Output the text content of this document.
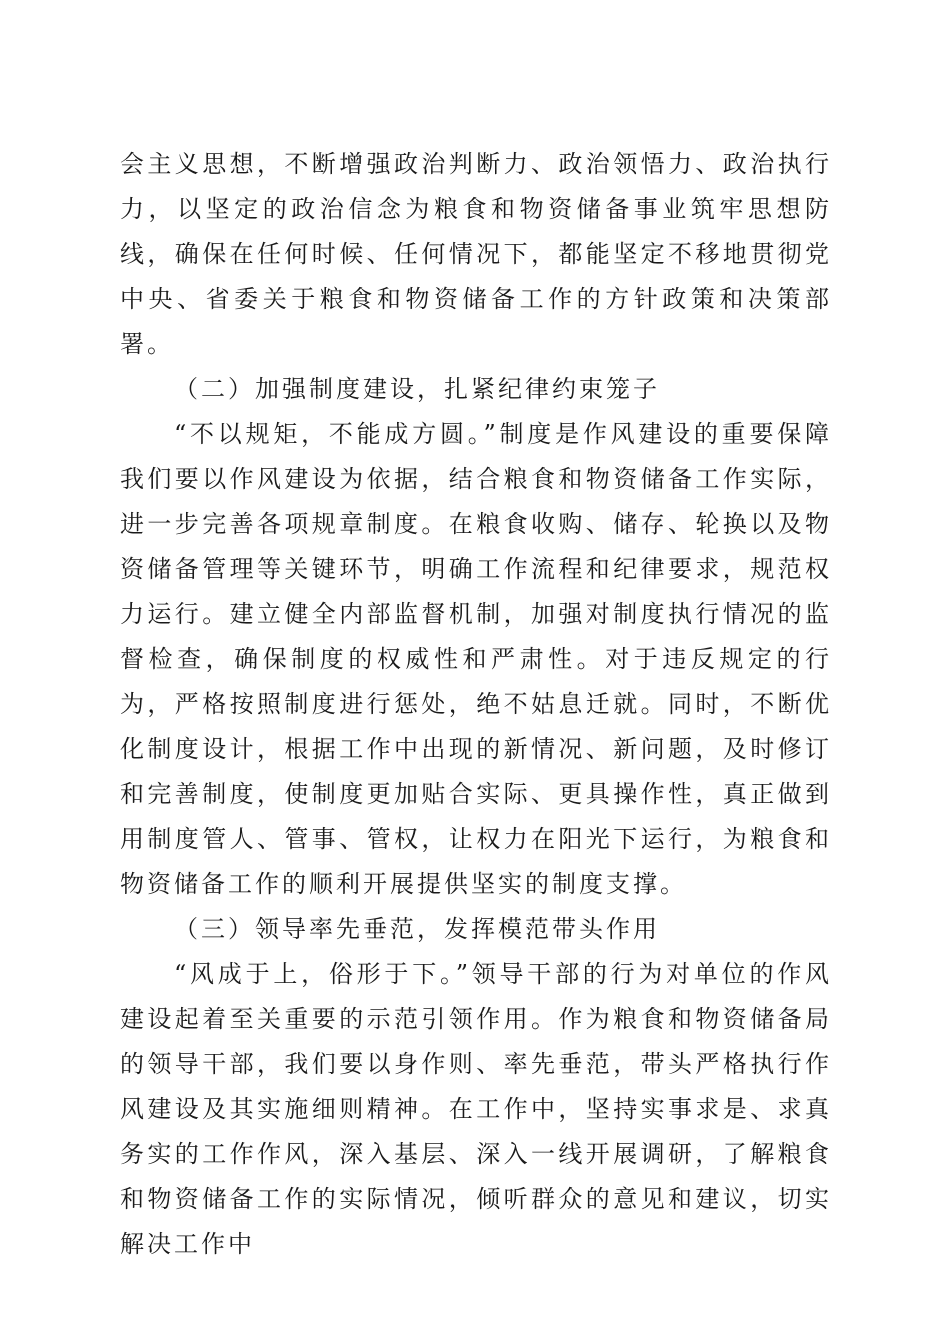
会主义思想，不断增强政治判断力、政治领悟力、政治执行力，以坚定的政治信念为粮食和物资储备事业筑牢思想防线，确保在任何时候、任何情况下，都能坚定不移地贯彻党中央、省委关于粮食和物资储备工作的方针政策和决策部署。

（二）加强制度建设，扎紧纪律约束笼子

“不以规矩，不能成方圆。”制度是作风建设的重要保障我们要以作风建设为依据，结合粮食和物资储备工作实际，进一步完善各项规章制度。在粮食收购、储存、轮换以及物资储备管理等关键环节，明确工作流程和纪律要求，规范权力运行。建立健全内部监督机制，加强对制度执行情况的监督检查，确保制度的权威性和严肃性。对于违反规定的行为，严格按照制度进行惩处，绝不姑息迁就。同时，不断优化制度设计，根据工作中出现的新情况、新问题，及时修订和完善制度，使制度更加贴合实际、更具操作性，真正做到用制度管人、管事、管权，让权力在阳光下运行，为粮食和物资储备工作的顺利开展提供坚实的制度支撑。

（三）领导率先垂范，发挥模范带头作用

“风成于上，俗形于下。”领导干部的行为对单位的作风建设起着至关重要的示范引领作用。作为粮食和物资储备局的领导干部，我们要以身作则、率先垂范，带头严格执行作风建设及其实施细则精神。在工作中，坚持实事求是、求真务实的工作作风，深入基层、深入一线开展调研，了解粮食和物资储备工作的实际情况，倾听群众的意见和建议，切实解决工作中
